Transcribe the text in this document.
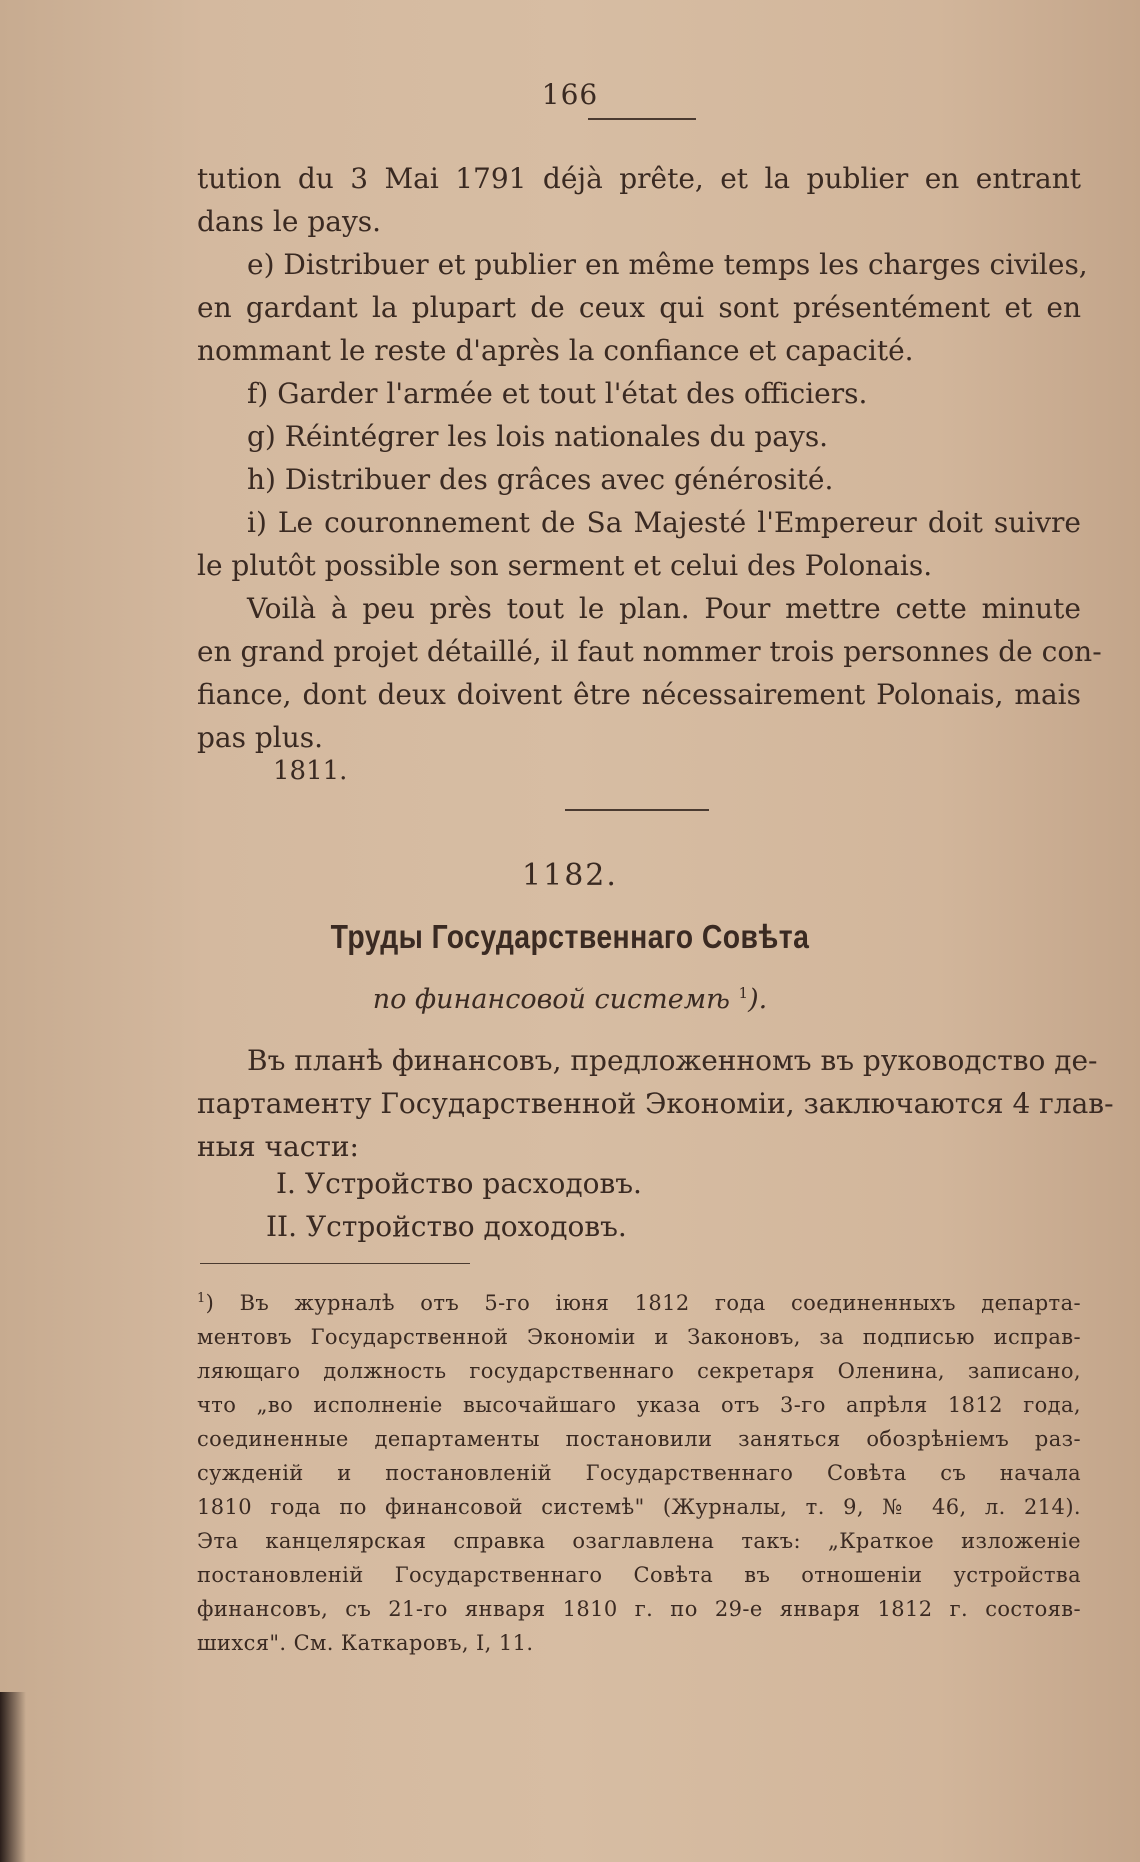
166
tution du 3 Mai 1791 déjà prête, et la publier en entrant
dans le pays.
e) Distribuer et publier en même temps les charges civiles,
en gardant la plupart de ceux qui sont présentément et en
nommant le reste d'après la confiance et capacité.
f) Garder l'armée et tout l'état des officiers.
g) Réintégrer les lois nationales du pays.
h) Distribuer des grâces avec générosité.
i) Le couronnement de Sa Majesté l'Empereur doit suivre
le plutôt possible son serment et celui des Polonais.
Voilà à peu près tout le plan. Pour mettre cette minute
en grand projet détaillé, il faut nommer trois personnes de con-
fiance, dont deux doivent être nécessairement Polonais, mais
pas plus.
1811.
1182.
Труды Государственнаго Совѣта
по финансовой системѣ $^1$).
Въ планѣ финансовъ, предложенномъ въ руководство де-
партаменту Государственной Экономіи, заключаются 4 глав-
ныя части:
I. Устройство расходовъ.
II. Устройство доходовъ.
$^1$) Въ журналѣ отъ 5-го іюня 1812 года соединенныхъ департа-
ментовъ Государственной Экономіи и Законовъ, за подписью исправ-
ляющаго должность государственнаго секретаря Оленина, записано,
что „во исполненіе высочайшаго указа отъ 3-го апрѣля 1812 года,
соединенные департаменты постановили заняться обозрѣніемъ раз-
сужденій и постановленій Государственнаго Совѣта съ начала
1810 года по финансовой системѣ" (Журналы, т. 9, № 46, л. 214).
Эта канцелярская справка озаглавлена такъ: „Краткое изложеніе
постановленій Государственнаго Совѣта въ отношеніи устройства
финансовъ, съ 21-го января 1810 г. по 29-е января 1812 г. состояв-
шихся". См. Каткаровъ, I, 11.
